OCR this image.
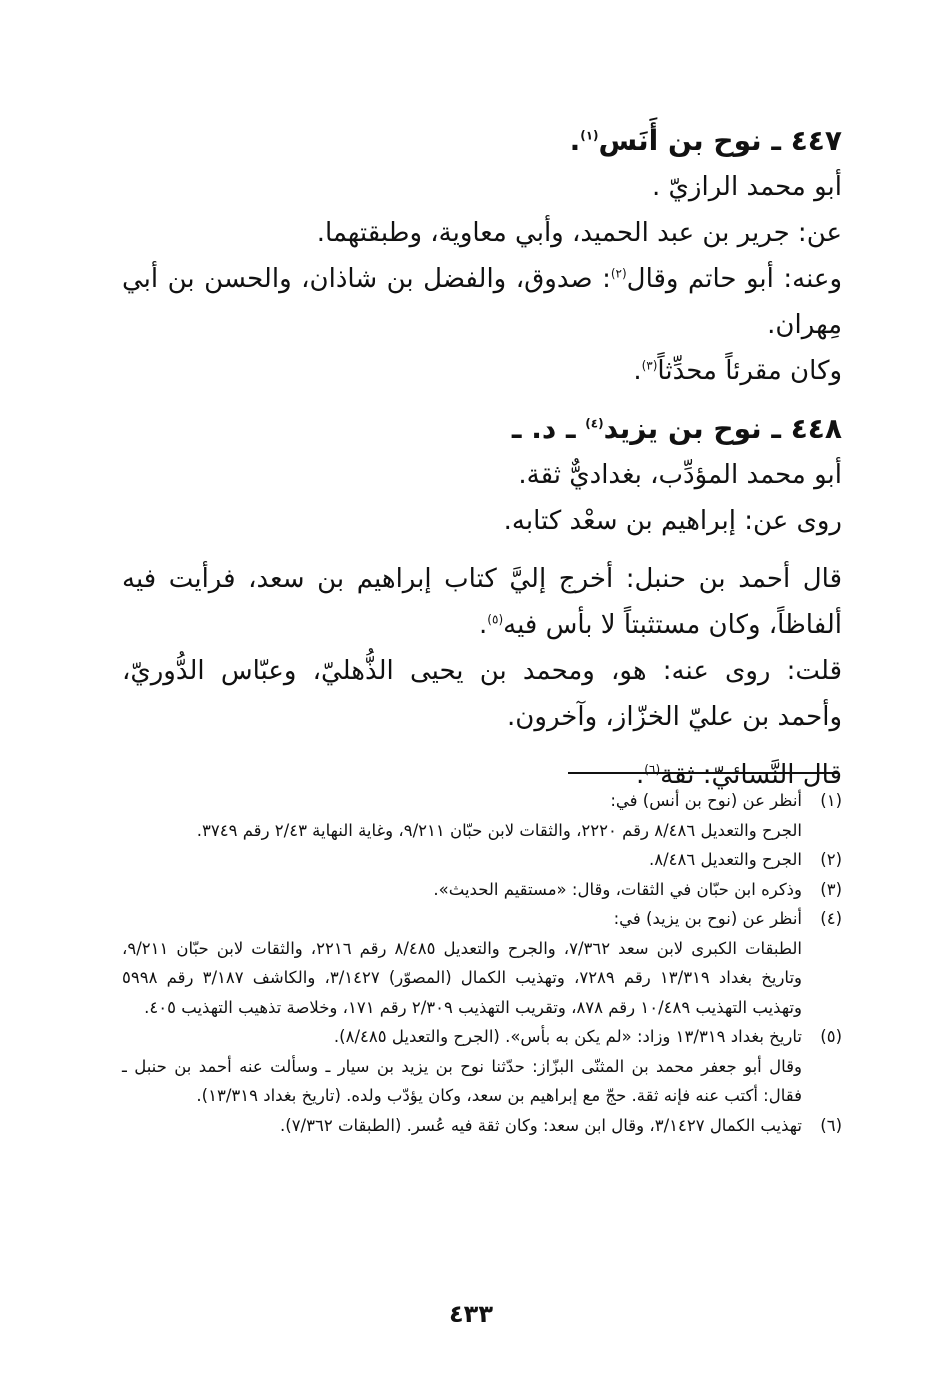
٤٤٧ ـ نوح بن أَنَس$^{(١)}$.

أبو محمد الرازيّ .

عن: جرير بن عبد الحميد، وأبي معاوية، وطبقتهما.

وعنه: أبو حاتم وقال$^{(٢)}$: صدوق، والفضل بن شاذان، والحسن بن أبي مِهران.

وكان مقرئاً محدِّثاً$^{(٣)}$.

٤٤٨ ـ نوح بن يزيد$^{(٤)}$ ـ د. ـ

أبو محمد المؤدِّب، بغداديٌّ ثقة.

روى عن: إبراهيم بن سعْد كتابه.

قال أحمد بن حنبل: أخرج إليَّ كتاب إبراهيم بن سعد، فرأيت فيه ألفاظاً، وكان مستثبتاً لا بأس فيه$^{(٥)}$.

قلت: روى عنه: هو، ومحمد بن يحيى الذُّهليّ، وعبّاس الدُّوريّ، وأحمد بن عليّ الخزّاز، وآخرون.

قال النَّسائيّ: ثقة$^{(٦)}$.

(١)
أنظر عن (نوح بن أنس) في:
الجرح والتعديل ٨/٤٨٦ رقم ٢٢٢٠، والثقات لابن حبّان ٩/٢١١، وغاية النهاية ٢/٤٣ رقم ٣٧٤٩.
(٢)
الجرح والتعديل ٨/٤٨٦.
(٣)
وذكره ابن حبّان في الثقات، وقال: «مستقيم الحديث».
(٤)
أنظر عن (نوح بن يزيد) في:
الطبقات الكبرى لابن سعد ٧/٣٦٢، والجرح والتعديل ٨/٤٨٥ رقم ٢٢١٦، والثقات لابن حبّان ٩/٢١١، وتاريخ بغداد ١٣/٣١٩ رقم ٧٢٨٩، وتهذيب الكمال (المصوّر) ٣/١٤٢٧، والكاشف ٣/١٨٧ رقم ٥٩٩٨ وتهذيب التهذيب ١٠/٤٨٩ رقم ٨٧٨، وتقريب التهذيب ٢/٣٠٩ رقم ١٧١، وخلاصة تذهيب التهذيب ٤٠٥.
(٥)
تاريخ بغداد ١٣/٣١٩ وزاد: «لم يكن به بأس». (الجرح والتعديل ٨/٤٨٥).
وقال أبو جعفر محمد بن المثنّى البزّاز: حدّثنا نوح بن يزيد بن سيار ـ وسألت عنه أحمد بن حنبل ـ فقال: أكتب عنه فإنه ثقة. حجّ مع إبراهيم بن سعد، وكان يؤدّب ولده. (تاريخ بغداد ١٣/٣١٩).
(٦)
تهذيب الكمال ٣/١٤٢٧، وقال ابن سعد: وكان ثقة فيه عُسر. (الطبقات ٧/٣٦٢).
٤٣٣
